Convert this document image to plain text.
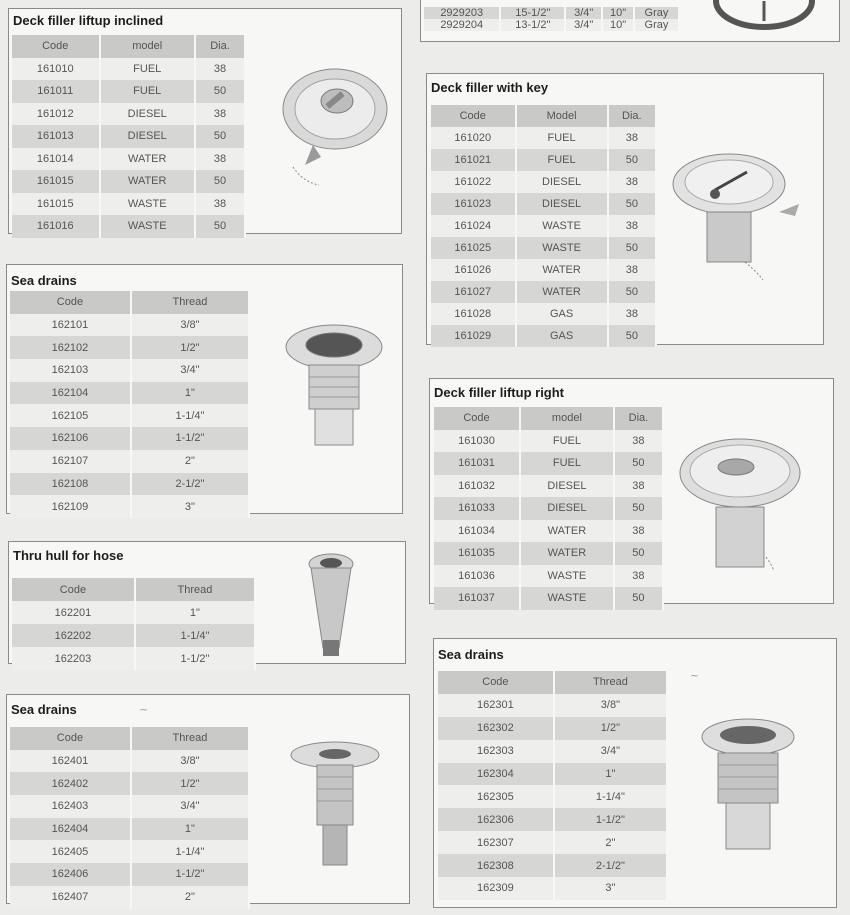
Deck filler liftup inclined
Code	model	Dia.
161010	FUEL	38
161011	FUEL	50
161012	DIESEL	38
161013	DIESEL	50
161014	WATER	38
161015	WATER	50
161015	WASTE	38
161016	WASTE	50
Sea drains
Code	Thread
162101	3/8"
162102	1/2"
162103	3/4"
162104	1"
162105	1-1/4"
162106	1-1/2"
162107	2"
162108	2-1/2"
162109	3"
Thru hull for hose
Code	Thread
162201	1"
162202	1-1/4"
162203	1-1/2"
Sea drains	~
Code	Thread
162401	3/8"
162402	1/2"
162403	3/4"
162404	1"
162405	1-1/4"
162406	1-1/2"
162407	2"
2929203	15-1/2"	3/4"	10"	Gray
2929204	13-1/2"	3/4"	10"	Gray
Deck filler with key
Code	Model	Dia.
161020	FUEL	38
161021	FUEL	50
161022	DIESEL	38
161023	DIESEL	50
161024	WASTE	38
161025	WASTE	50
161026	WATER	38
161027	WATER	50
161028	GAS	38
161029	GAS	50
Deck filler liftup right
Code	model	Dia.
161030	FUEL	38
161031	FUEL	50
161032	DIESEL	38
161033	DIESEL	50
161034	WATER	38
161035	WATER	50
161036	WASTE	38
161037	WASTE	50
Sea drains
~
Code	Thread
162301	3/8"
162302	1/2"
162303	3/4"
162304	1"
162305	1-1/4"
162306	1-1/2"
162307	2"
162308	2-1/2"
162309	3"
